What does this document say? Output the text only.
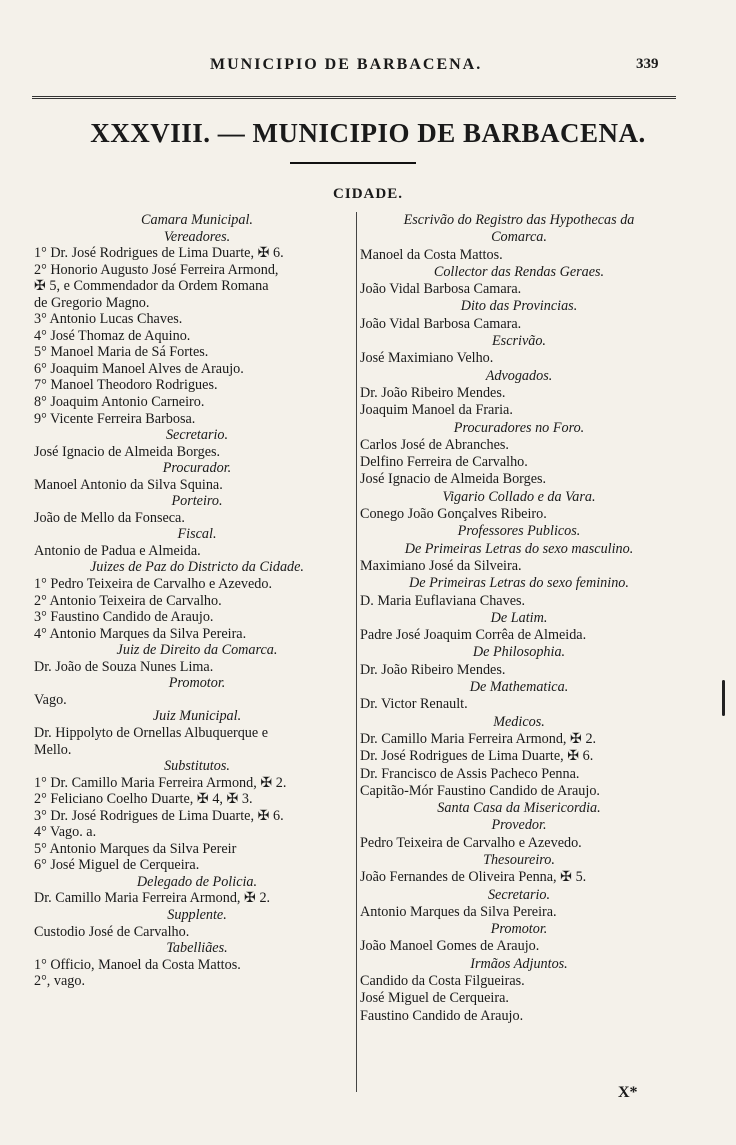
MUNICIPIO DE BARBACENA.	339
XXXVIII. — MUNICIPIO DE BARBACENA.
CIDADE.
Camara Municipal.
Vereadores.
1° Dr. José Rodrigues de Lima Duarte, ✠ 6.
2° Honorio Augusto José Ferreira Armond,
✠ 5, e Commendador da Ordem Romana
de Gregorio Magno.
3° Antonio Lucas Chaves.
4° José Thomaz de Aquino.
5° Manoel Maria de Sá Fortes.
6° Joaquim Manoel Alves de Araujo.
7° Manoel Theodoro Rodrigues.
8° Joaquim Antonio Carneiro.
9° Vicente Ferreira Barbosa.
Secretario.
José Ignacio de Almeida Borges.
Procurador.
Manoel Antonio da Silva Squina.
Porteiro.
João de Mello da Fonseca.
Fiscal.
Antonio de Padua e Almeida.
Juizes de Paz do Districto da Cidade.
1° Pedro Teixeira de Carvalho e Azevedo.
2° Antonio Teixeira de Carvalho.
3° Faustino Candido de Araujo.
4° Antonio Marques da Silva Pereira.
Juiz de Direito da Comarca.
Dr. João de Souza Nunes Lima.
Promotor.
Vago.
Juiz Municipal.
Dr. Hippolyto de Ornellas Albuquerque e
Mello.
Substitutos.
1° Dr. Camillo Maria Ferreira Armond, ✠ 2.
2° Feliciano Coelho Duarte, ✠ 4, ✠ 3.
3° Dr. José Rodrigues de Lima Duarte, ✠ 6.
4° Vago. a.
5° Antonio Marques da Silva Pereir
6° José Miguel de Cerqueira.
Delegado de Policia.
Dr. Camillo Maria Ferreira Armond, ✠ 2.
Supplente.
Custodio José de Carvalho.
Tabelliães.
1° Officio, Manoel da Costa Mattos.
2°, vago.
Escrivão do Registro das Hypothecas da
Comarca.
Manoel da Costa Mattos.
Collector das Rendas Geraes.
João Vidal Barbosa Camara.
Dito das Provincias.
João Vidal Barbosa Camara.
Escrivão.
José Maximiano Velho.
Advogados.
Dr. João Ribeiro Mendes.
Joaquim Manoel da Fraria.
Procuradores no Foro.
Carlos José de Abranches.
Delfino Ferreira de Carvalho.
José Ignacio de Almeida Borges.
Vigario Collado e da Vara.
Conego João Gonçalves Ribeiro.
Professores Publicos.
De Primeiras Letras do sexo masculino.
Maximiano José da Silveira.
De Primeiras Letras do sexo feminino.
D. Maria Euflaviana Chaves.
De Latim.
Padre José Joaquim Corrêa de Almeida.
De Philosophia.
Dr. João Ribeiro Mendes.
De Mathematica.
Dr. Victor Renault.
Medicos.
Dr. Camillo Maria Ferreira Armond, ✠ 2.
Dr. José Rodrigues de Lima Duarte, ✠ 6.
Dr. Francisco de Assis Pacheco Penna.
Capitão-Mór Faustino Candido de Araujo.
Santa Casa da Misericordia.
Provedor.
Pedro Teixeira de Carvalho e Azevedo.
Thesoureiro.
João Fernandes de Oliveira Penna, ✠ 5.
Secretario.
Antonio Marques da Silva Pereira.
Promotor.
João Manoel Gomes de Araujo.
Irmãos Adjuntos.
Candido da Costa Filgueiras.
José Miguel de Cerqueira.
Faustino Candido de Araujo.
X*
